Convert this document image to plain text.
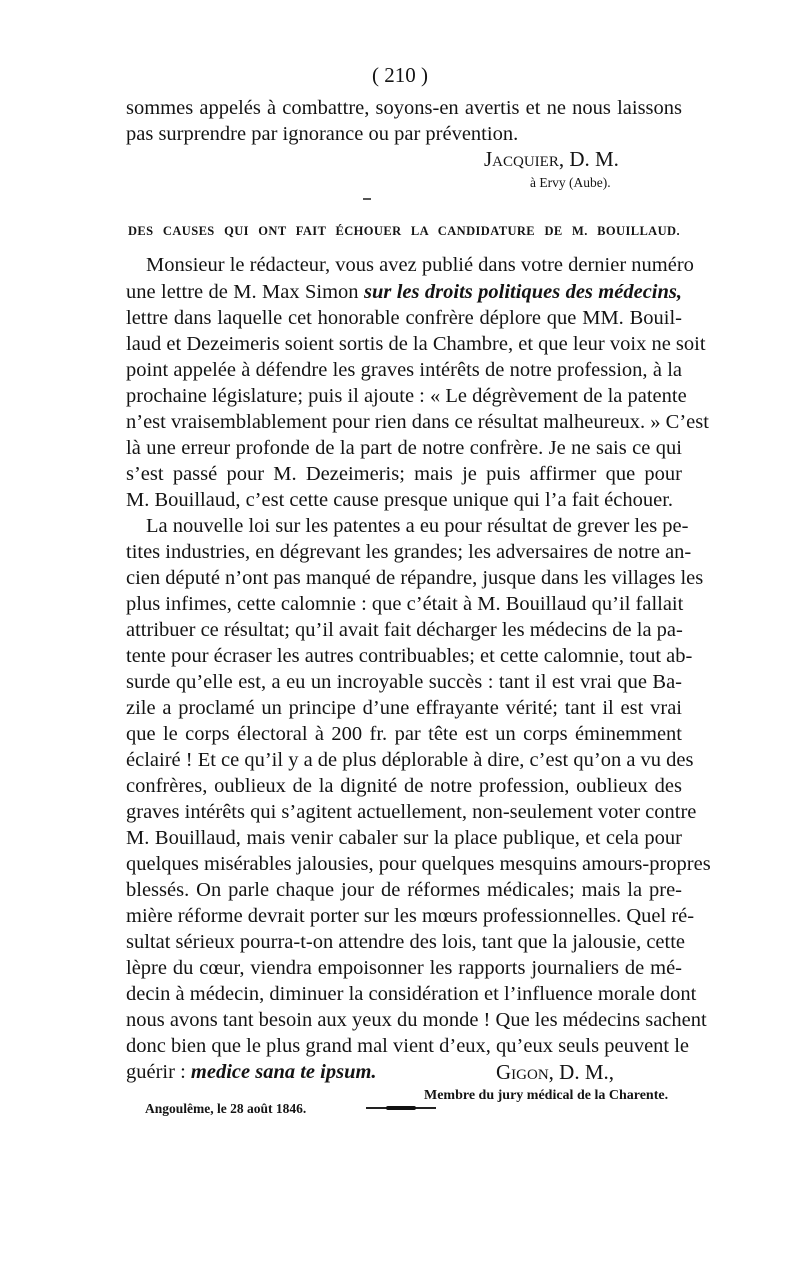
( 210 )
sommes appelés à combattre, soyons-en avertis et ne nous laissons
pas surprendre par ignorance ou par prévention.
Jacquier, D. M.
à Ervy (Aube).
DES CAUSES QUI ONT FAIT ÉCHOUER LA CANDIDATURE DE M. BOUILLAUD.
Monsieur le rédacteur, vous avez publié dans votre dernier numéro
une lettre de M. Max Simon sur les droits politiques des médecins,
lettre dans laquelle cet honorable confrère déplore que MM. Bouil-
laud et Dezeimeris soient sortis de la Chambre, et que leur voix ne soit
point appelée à défendre les graves intérêts de notre profession, à la
prochaine législature; puis il ajoute : « Le dégrèvement de la patente
n’est vraisemblablement pour rien dans ce résultat malheureux. » C’est
là une erreur profonde de la part de notre confrère. Je ne sais ce qui
s’est passé pour M. Dezeimeris; mais je puis affirmer que pour
M. Bouillaud, c’est cette cause presque unique qui l’a fait échouer.
La nouvelle loi sur les patentes a eu pour résultat de grever les pe-
tites industries, en dégrevant les grandes; les adversaires de notre an-
cien député n’ont pas manqué de répandre, jusque dans les villages les
plus infimes, cette calomnie : que c’était à M. Bouillaud qu’il fallait
attribuer ce résultat; qu’il avait fait décharger les médecins de la pa-
tente pour écraser les autres contribuables; et cette calomnie, tout ab-
surde qu’elle est, a eu un incroyable succès : tant il est vrai que Ba-
zile a proclamé un principe d’une effrayante vérité; tant il est vrai
que le corps électoral à 200 fr. par tête est un corps éminemment
éclairé ! Et ce qu’il y a de plus déplorable à dire, c’est qu’on a vu des
confrères, oublieux de la dignité de notre profession, oublieux des
graves intérêts qui s’agitent actuellement, non-seulement voter contre
M. Bouillaud, mais venir cabaler sur la place publique, et cela pour
quelques misérables jalousies, pour quelques mesquins amours-propres
blessés. On parle chaque jour de réformes médicales; mais la pre-
mière réforme devrait porter sur les mœurs professionnelles. Quel ré-
sultat sérieux pourra-t-on attendre des lois, tant que la jalousie, cette
lèpre du cœur, viendra empoisonner les rapports journaliers de mé-
decin à médecin, diminuer la considération et l’influence morale dont
nous avons tant besoin aux yeux du monde ! Que les médecins sachent
donc bien que le plus grand mal vient d’eux, qu’eux seuls peuvent le
guérir : medice sana te ipsum.	Gigon, D. M.,
Membre du jury médical de la Charente.
Angoulême, le 28 août 1846.
